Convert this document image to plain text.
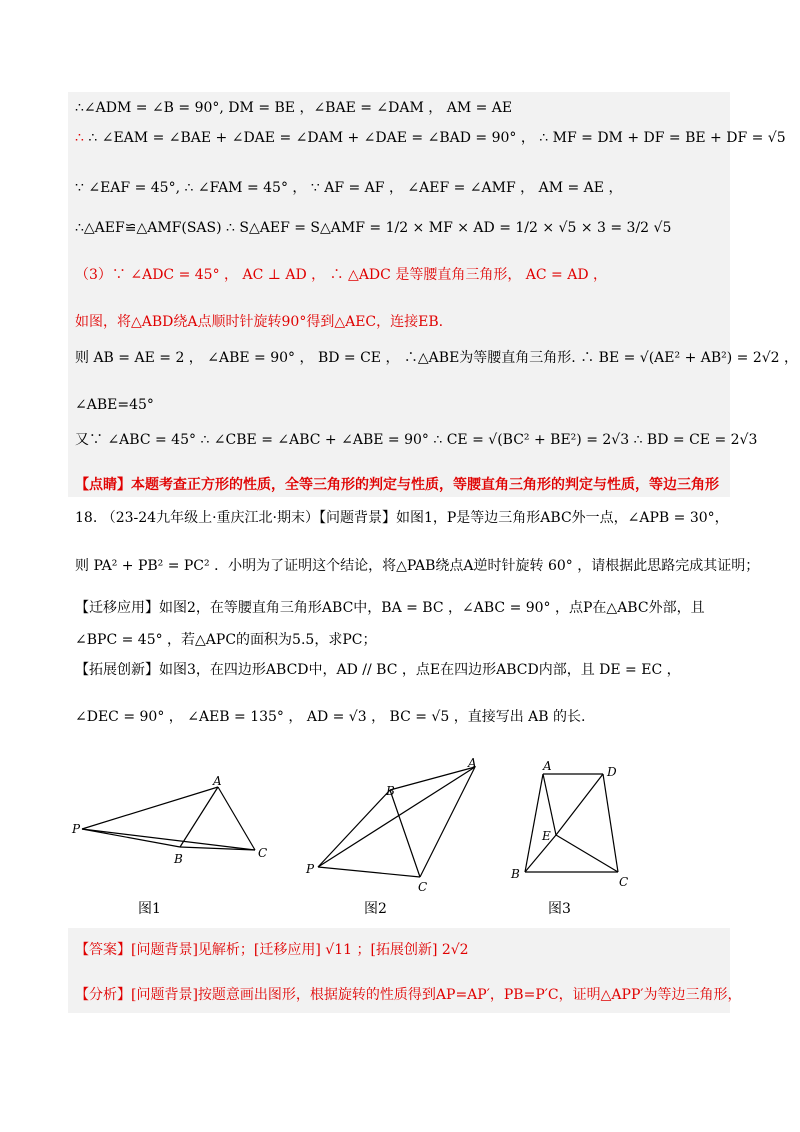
∴∠ADM = ∠B = 90°, DM = BE ，∠BAE = ∠DAM ， AM = AE
∴ ∴ ∠EAM = ∠BAE + ∠DAE = ∠DAM + ∠DAE = ∠BAD = 90° ， ∴ MF = DM + DF = BE + DF = √5
∵ ∠EAF = 45°, ∴ ∠FAM = 45° ， ∵ AF = AF ， ∠AEF = ∠AMF ， AM = AE ，
∴△AEF≌△AMF(SAS) ∴ S△AEF = S△AMF = 1/2 × MF × AD = 1/2 × √5 × 3 = 3/2 √5
（3）∵ ∠ADC = 45° ， AC ⊥ AD ， ∴ △ADC 是等腰直角三角形， AC = AD ，
如图，将△ABD绕A点顺时针旋转90°得到△AEC，连接EB.
则 AB = AE = 2 ， ∠ABE = 90° ， BD = CE ， ∴△ABE为等腰直角三角形. ∴ BE = √(AE² + AB²) = 2√2 ，
∠ABE=45°
又∵ ∠ABC = 45° ∴ ∠CBE = ∠ABC + ∠ABE = 90° ∴ CE = √(BC² + BE²) = 2√3 ∴ BD = CE = 2√3
【点睛】本题考查正方形的性质，全等三角形的判定与性质，等腰直角三角形的判定与性质，等边三角形
18. （23-24九年级上·重庆江北·期末）【问题背景】如图1，P是等边三角形ABC外一点，∠APB = 30°，
则 PA² + PB² = PC² ．小明为了证明这个结论，将△PAB绕点A逆时针旋转 60° ，请根据此思路完成其证明；
【迁移应用】如图2，在等腰直角三角形ABC中，BA = BC ，∠ABC = 90° ，点P在△ABC外部，且
∠BPC = 45° ，若△APC的面积为5.5，求PC；
【拓展创新】如图3，在四边形ABCD中，AD // BC ，点E在四边形ABCD内部，且 DE = EC ，
∠DEC = 90° ， ∠AEB = 135° ， AD = √3 ， BC = √5 ，直接写出 AB 的长.
A
P
B	C
图1
A
B
P
C
图2
A	D
E
B
C
图3
【答案】[问题背景]见解析；[迁移应用] √11 ；[拓展创新] 2√2
【分析】[问题背景]按题意画出图形，根据旋转的性质得到AP=AP′，PB=P′C，证明△APP′为等边三角形，
